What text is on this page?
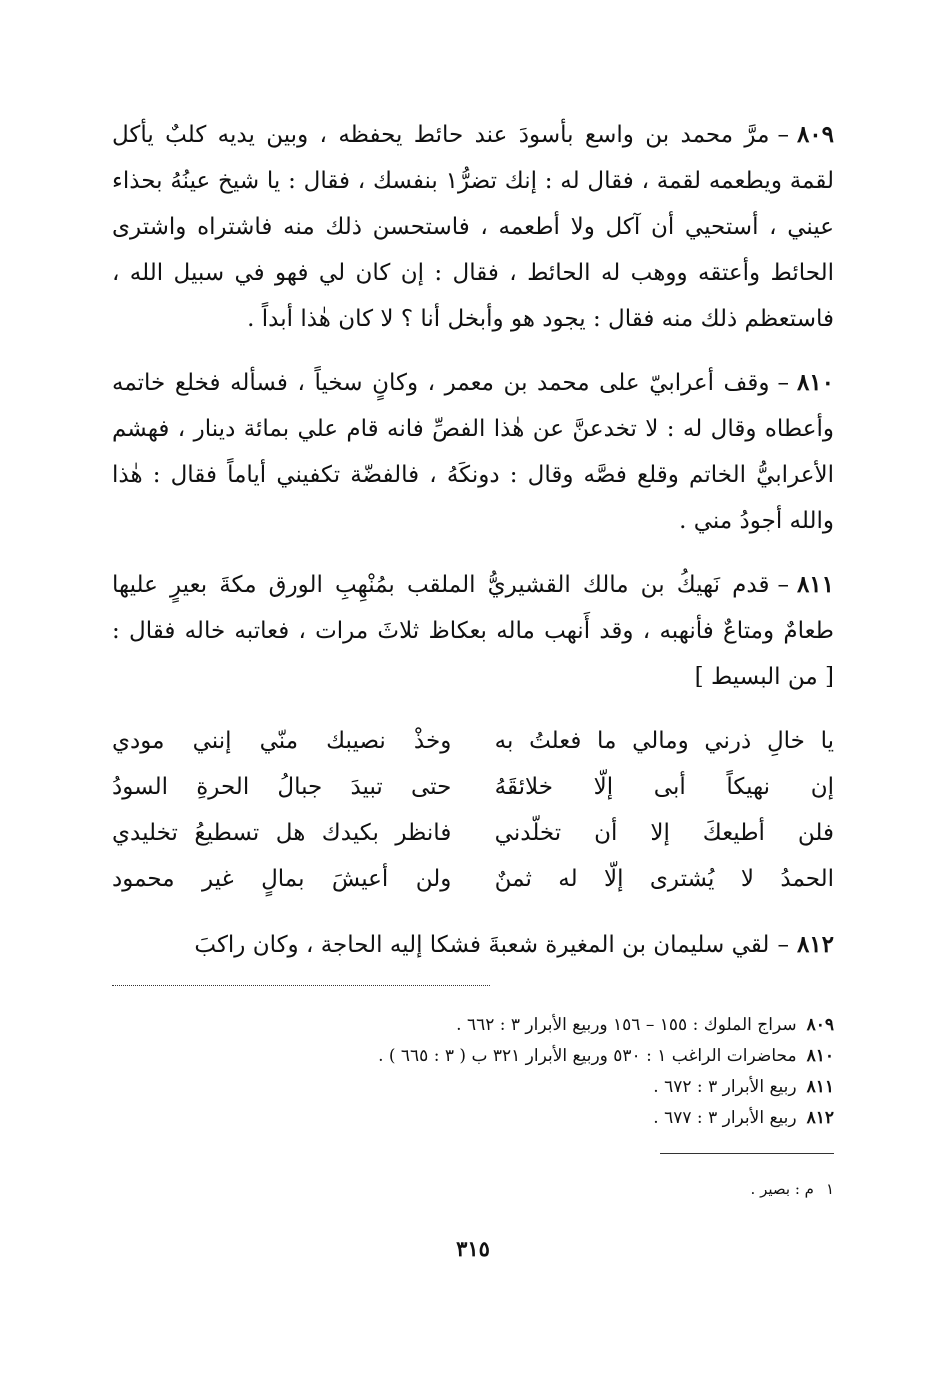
٨٠٩–مرَّ محمد بن واسع بأسودَ عند حائط يحفظه ، وبين يديه كلبٌ يأكل لقمة ويطعمه لقمة ، فقال له : إنك تضرُّ١ بنفسك ، فقال : يا شيخ عينُهُ بحذاء عيني ، أستحيي أن آكل ولا أطعمه ، فاستحسن ذلك منه فاشتراه واشترى الحائط وأعتقه ووهب له الحائط ، فقال : إن كان لي فهو في سبيل الله ، فاستعظم ذلك منه فقال : يجود هو وأبخل أنا ؟ لا كان هٰذا أبداً .

٨١٠–وقف أعرابيّ على محمد بن معمر ، وكانٍ سخياً ، فسأله فخلع خاتمه وأعطاه وقال له : لا تخدعنَّ عن هٰذا الفصِّ فانه قام علي بمائة دينار ، فهشم الأعرابيُّ الخاتم وقلع فصَّه وقال : دونكَهُ ، فالفضّة تكفيني أياماً فقال : هٰذا والله أجودُ مني .

٨١١–قدم نَهيكُ بن مالك القشيريُّ الملقب بمُنْهِبِ الورق مكةَ بعيرٍ عليها طعامٌ ومتاعٌ فأنهبه ، وقد أَنهب ماله بعكاظ ثلاثَ مرات ، فعاتبه خاله فقال : [ من البسيط ]

يا خالِ ذرني ومالي ما فعلتُ به
وخذْ نصيبك منّي إنني مودي
إن نهيكاً أبى إلّا خلائقَهُ
حتى تبيدَ جبالُ الحرةِ السودُ
فلن أطيعكَ إلا أن تخلّدني
فانظر بكيدك هل تسطيعُ تخليدي
الحمدُ لا يُشترى إلّا له ثمنٌ
ولن أعيشَ بمالٍ غير محمود

٨١٢–لقي سليمان بن المغيرة شعبةَ فشكا إليه الحاجة ، وكان راكبَ

٨٠٩سراج الملوك : ١٥٥ – ١٥٦ وربيع الأبرار ٣ : ٦٦٢ .
٨١٠محاضرات الراغب ١ : ٥٣٠ وربيع الأبرار ٣٢١ ب ( ٣ : ٦٦٥ ) .
٨١١ربيع الأبرار ٣ : ٦٧٢ .
٨١٢ربيع الأبرار ٣ : ٦٧٧ .

١م : بصير .

٣١٥
